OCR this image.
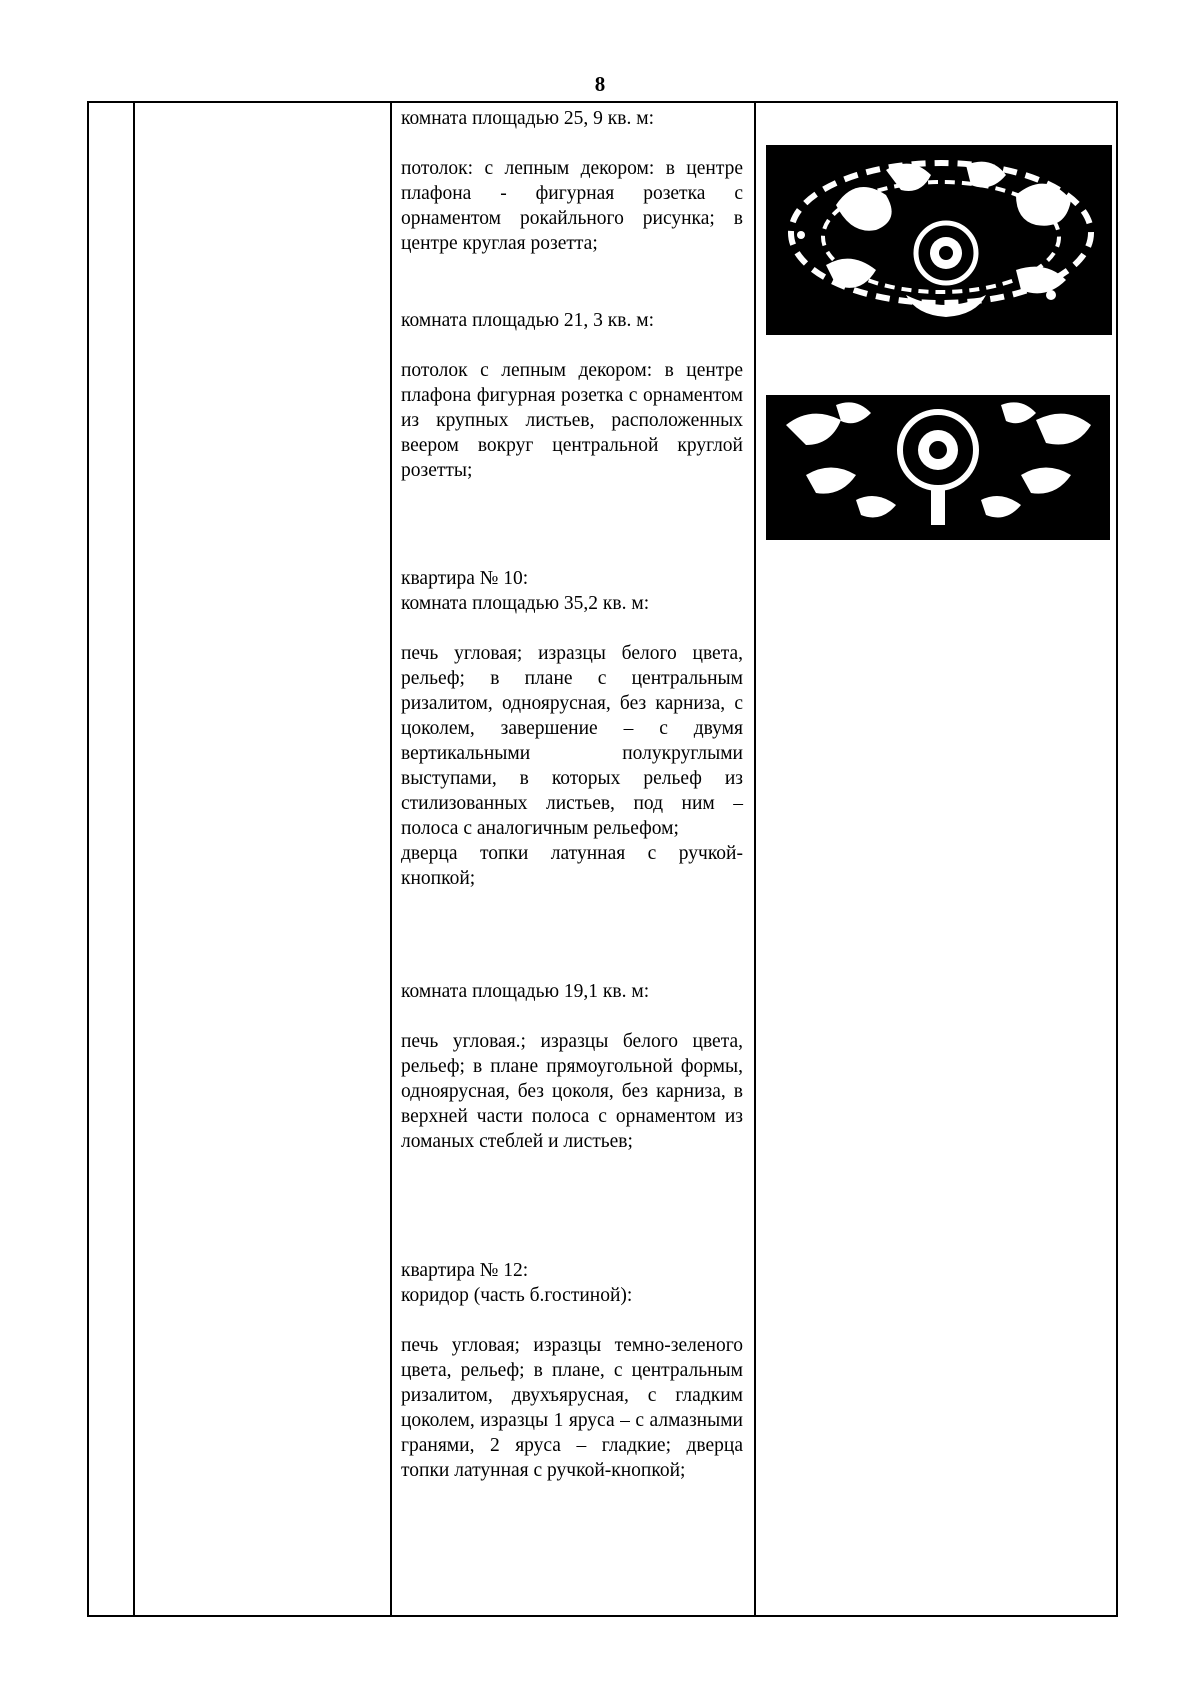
8

комната площадью 25, 9 кв. м:

потолок: с лепным декором: в центре плафона - фигурная розетка с орнаментом рокайльного рисунка; в центре круглая розетта;

комната площадью 21, 3 кв. м:

потолок с лепным декором: в центре плафона фигурная розетка с орнаментом из крупных листьев, расположенных веером вокруг центральной круглой розетты;

квартира № 10:

комната площадью 35,2 кв. м:

печь угловая; изразцы белого цвета, рельеф; в плане с центральным ризалитом, одноярусная, без карниза, с цоколем, завершение – с двумя вертикальными полукруглыми выступами, в которых рельеф из стилизованных листьев, под ним – полоса с аналогичным рельефом;

дверца топки латунная с ручкой-кнопкой;

комната площадью 19,1 кв. м:

печь угловая.; изразцы белого цвета, рельеф; в плане прямоугольной формы, одноярусная, без цоколя, без карниза, в верхней части полоса с орнаментом из ломаных стеблей и листьев;

квартира № 12:

коридор (часть б.гостиной):

печь угловая; изразцы темно-зеленого цвета, рельеф; в плане, с центральным ризалитом, двухъярусная, с гладким цоколем, изразцы 1 яруса – с алмазными гранями, 2 яруса – гладкие; дверца топки латунная с ручкой-кнопкой;
